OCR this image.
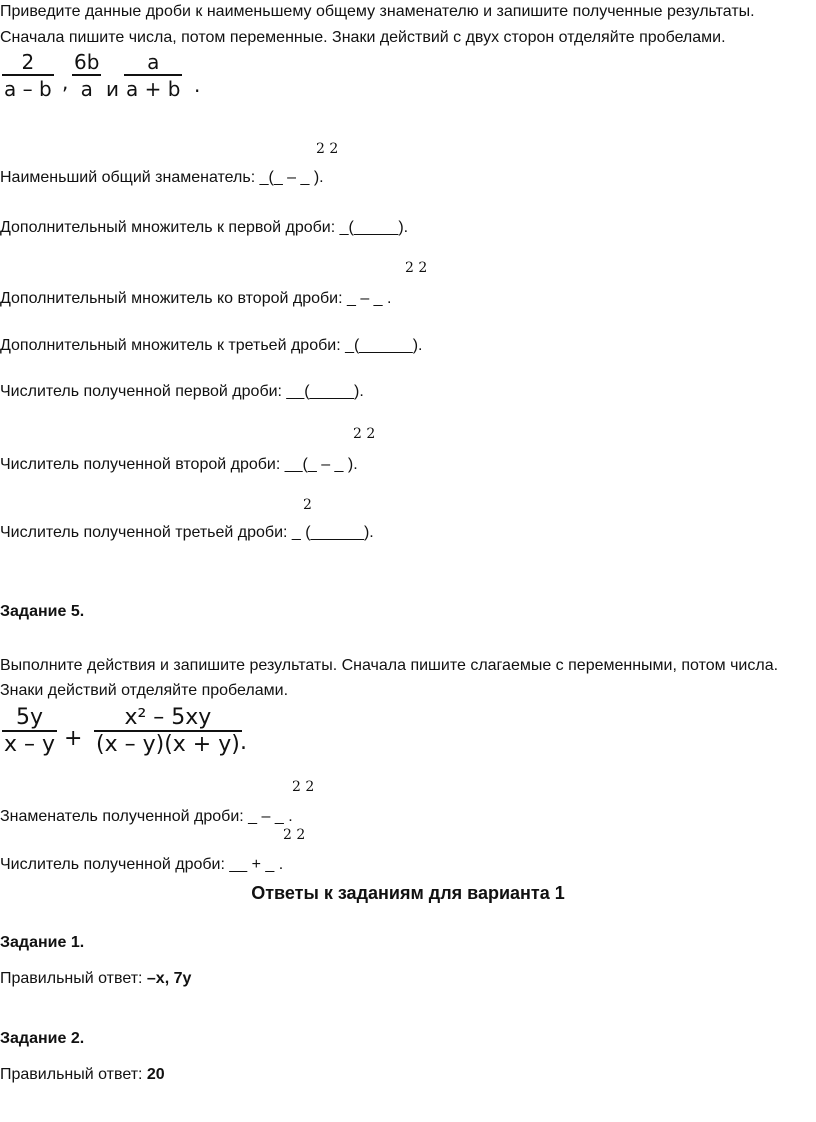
Приведите данные дроби к наименьшему общему знаменателю и запишите полученные результаты.
Сначала пишите числа, потом переменные. Знаки действий с двух сторон отделяйте пробелами.
2
a – b ,
6b
a и
a
a + b .
2 2
Наименьший общий знаменатель: _(_ – _ ).
Дополнительный множитель к первой дроби: _(_____).
2 2
Дополнительный множитель ко второй дроби: _ – _ .
Дополнительный множитель к третьей дроби: _(______).
Числитель полученной первой дроби: __(_____).
2 2
Числитель полученной второй дроби: __(_ – _ ).
2
Числитель полученной третьей дроби: _ (______).
Задание 5.
Выполните действия и запишите результаты. Сначала пишите слагаемые с переменными, потом числа.
Знаки действий отделяйте пробелами.
5y
x – y +
x² – 5xy
(x – y)(x + y) .
2 2
Знаменатель полученной дроби: _ – _ .
2 2
Числитель полученной дроби: __ + _ .
Ответы к заданиям для варианта 1
Задание 1.
Правильный ответ: –x, 7y
Задание 2.
Правильный ответ: 20
